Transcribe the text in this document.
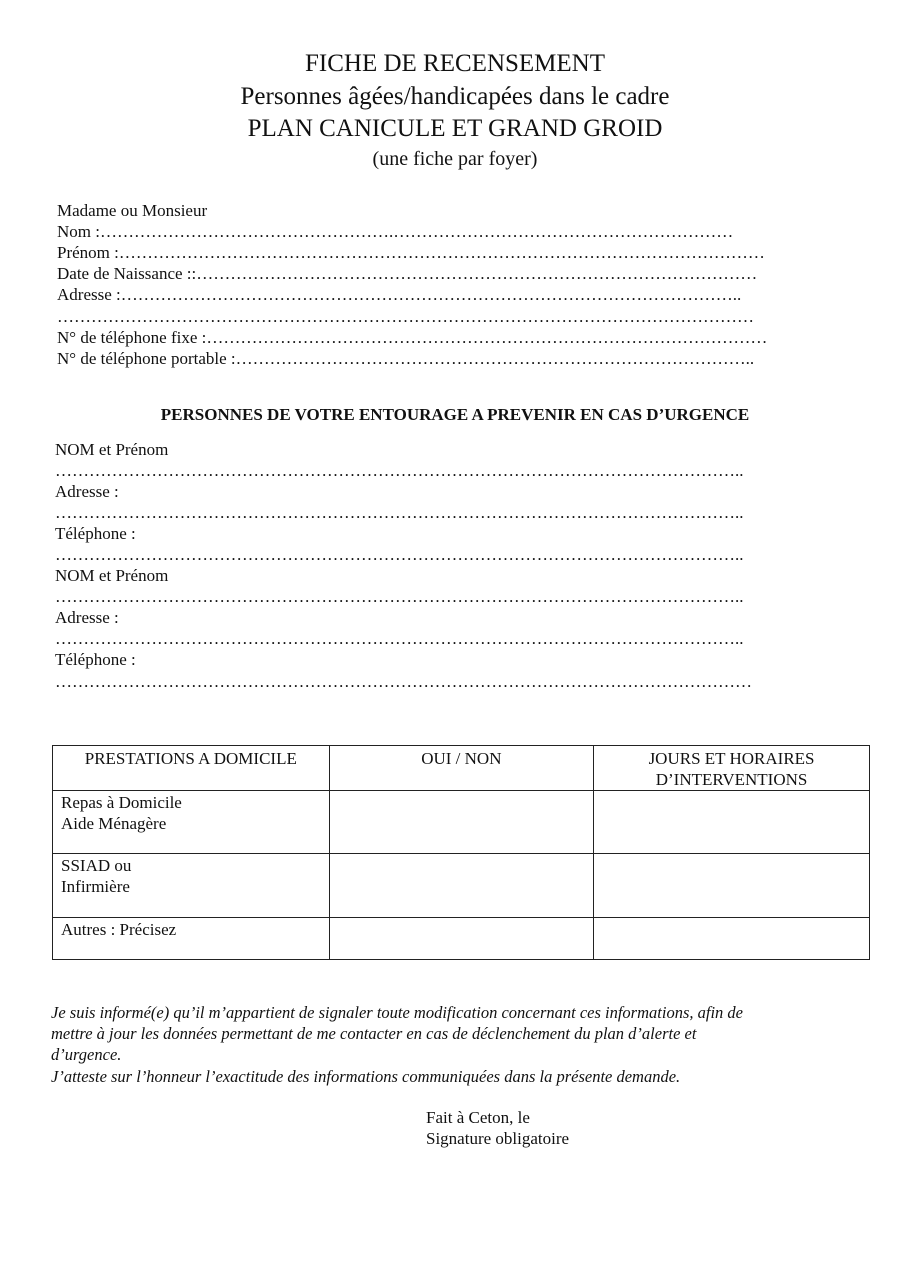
FICHE DE RECENSEMENT
Personnes âgées/handicapées dans le cadre
PLAN CANICULE ET GRAND GROID
(une fiche par foyer)
Madame ou Monsieur
Nom :…………………………………………….……………………………………………………
Prénom :……………………………………………………………………………………………………
Date de Naissance ::………………………………………………………………………………………
Adresse :………………………………………………………………………………………………..
……………………………………………………………………………………………………………
N° de téléphone fixe :………………………………………………………………………………………
N° de téléphone portable :………………………………………………………………………………..
PERSONNES DE VOTRE ENTOURAGE A PREVENIR EN CAS D’URGENCE
NOM et Prénom
…………………………………………………………………………………………………………..
Adresse :
…………………………………………………………………………………………………………..
Téléphone :
…………………………………………………………………………………………………………..
NOM et Prénom
…………………………………………………………………………………………………………..
Adresse :
…………………………………………………………………………………………………………..
Téléphone :
……………………………………………………………………………………………………………
PRESTATIONS A DOMICILE	OUI / NON	JOURS ET HORAIRES D’INTERVENTIONS

Repas à Domicile
Aide Ménagère		

SSIAD ou
Infirmière		

Autres : Précisez		

Je suis informé(e) qu’il m’appartient de signaler toute modification concernant ces informations, afin de
mettre à jour les données permettant de me contacter en cas de déclenchement du plan d’alerte et
d’urgence.
J’atteste sur l’honneur l’exactitude des informations communiquées dans la présente demande.
Fait à Ceton, le
Signature obligatoire
